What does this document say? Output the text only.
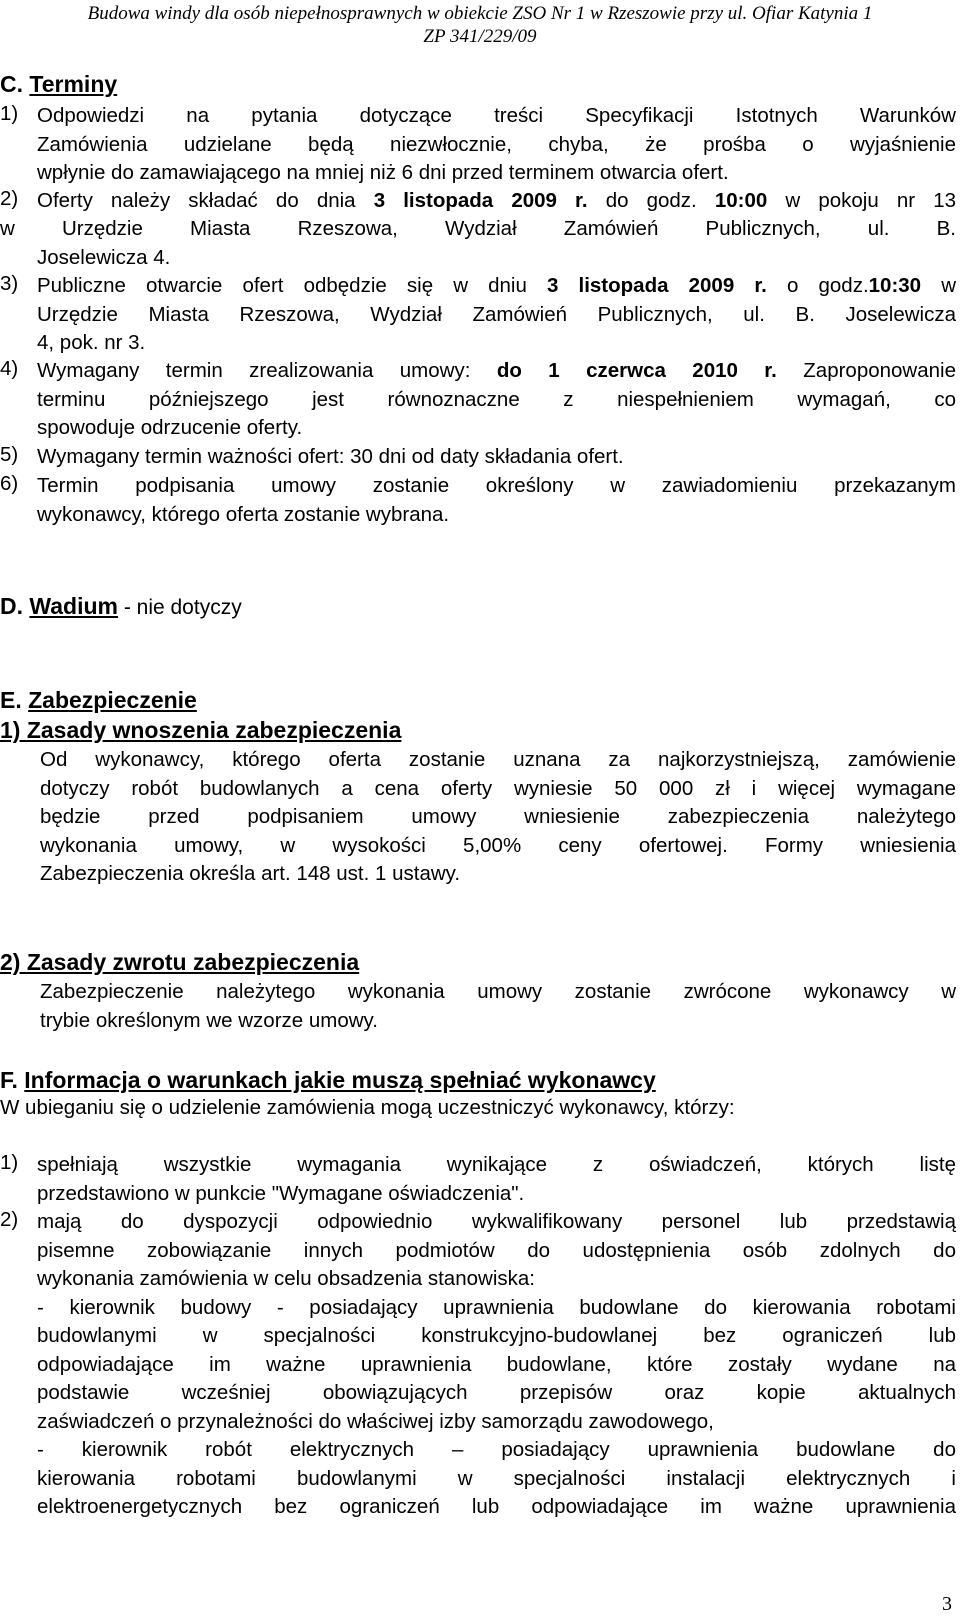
Budowa windy dla osób niepełnosprawnych w obiekcie ZSO Nr 1 w Rzeszowie przy ul. Ofiar Katynia 1
ZP 341/229/09
C. Terminy
1) Odpowiedzi na pytania dotyczące treści Specyfikacji Istotnych Warunków
Zamówienia udzielane będą niezwłocznie, chyba, że prośba o wyjaśnienie
wpłynie do zamawiającego na mniej niż 6 dni przed terminem otwarcia ofert.
2) Oferty należy składać do dnia 3 listopada 2009 r. do godz. 10:00 w pokoju nr 13
w Urzędzie Miasta Rzeszowa, Wydział Zamówień Publicznych, ul. B.
Joselewicza 4.
3) Publiczne otwarcie ofert odbędzie się w dniu 3 listopada 2009 r. o godz.10:30 w
Urzędzie Miasta Rzeszowa, Wydział Zamówień Publicznych, ul. B. Joselewicza
4, pok. nr 3.
4) Wymagany termin zrealizowania umowy: do 1 czerwca 2010 r. Zaproponowanie
terminu późniejszego jest równoznaczne z niespełnieniem wymagań, co
spowoduje odrzucenie oferty.
5) Wymagany termin ważności ofert: 30 dni od daty składania ofert.
6) Termin podpisania umowy zostanie określony w zawiadomieniu przekazanym
wykonawcy, którego oferta zostanie wybrana.
D. Wadium - nie dotyczy
E. Zabezpieczenie
1) Zasady wnoszenia zabezpieczenia
Od wykonawcy, którego oferta zostanie uznana za najkorzystniejszą, zamówienie
dotyczy robót budowlanych a cena oferty wyniesie 50 000 zł i więcej wymagane
będzie przed podpisaniem umowy wniesienie zabezpieczenia należytego
wykonania umowy, w wysokości 5,00% ceny ofertowej. Formy wniesienia
Zabezpieczenia określa art. 148 ust. 1 ustawy.
2) Zasady zwrotu zabezpieczenia
Zabezpieczenie należytego wykonania umowy zostanie zwrócone wykonawcy w
trybie określonym we wzorze umowy.
F. Informacja o warunkach jakie muszą spełniać wykonawcy
W ubieganiu się o udzielenie zamówienia mogą uczestniczyć wykonawcy, którzy:
1) spełniają wszystkie wymagania wynikające z oświadczeń, których listę
przedstawiono w punkcie "Wymagane oświadczenia".
2) mają do dyspozycji odpowiednio wykwalifikowany personel lub przedstawią
pisemne zobowiązanie innych podmiotów do udostępnienia osób zdolnych do
wykonania zamówienia w celu obsadzenia stanowiska:
- kierownik budowy - posiadający uprawnienia budowlane do kierowania robotami
budowlanymi w specjalności konstrukcyjno-budowlanej bez ograniczeń lub
odpowiadające im ważne uprawnienia budowlane, które zostały wydane na
podstawie wcześniej obowiązujących przepisów oraz kopie aktualnych
zaświadczeń o przynależności do właściwej izby samorządu zawodowego,
- kierownik robót elektrycznych – posiadający uprawnienia budowlane do
kierowania robotami budowlanymi w specjalności instalacji elektrycznych i
elektroenergetycznych bez ograniczeń lub odpowiadające im ważne uprawnienia
3
